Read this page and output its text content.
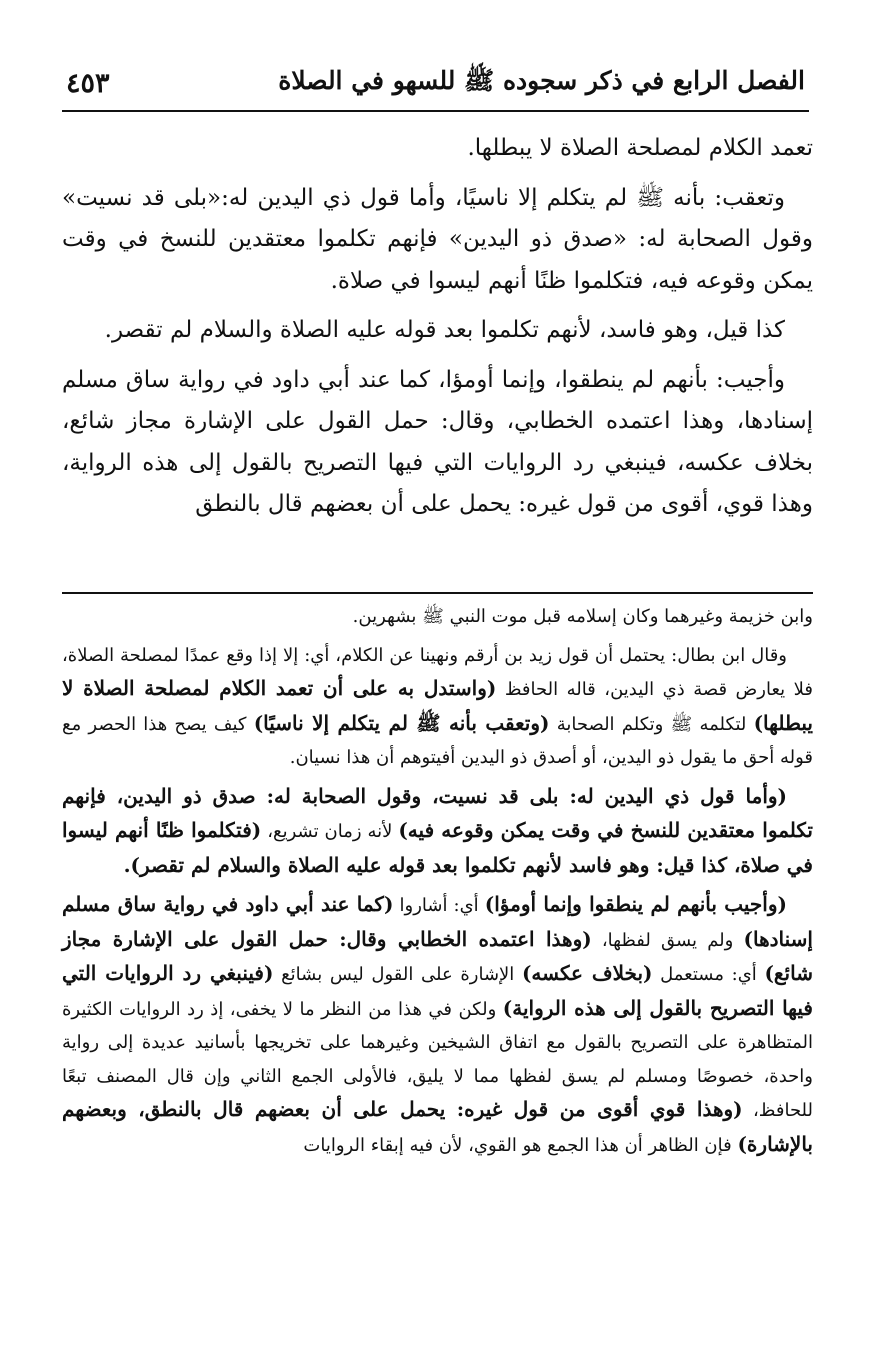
الفصل الرابع في ذكر سجوده ﷺ للسهو في الصلاة
٤٥٣

تعمد الكلام لمصلحة الصلاة لا يبطلها.

وتعقب: بأنه ﷺ لم يتكلم إلا ناسيًا، وأما قول ذي اليدين له:«بلى قد نسيت» وقول الصحابة له: «صدق ذو اليدين» فإنهم تكلموا معتقدين للنسخ في وقت يمكن وقوعه فيه، فتكلموا ظنًا أنهم ليسوا في صلاة.

كذا قيل، وهو فاسد، لأنهم تكلموا بعد قوله عليه الصلاة والسلام لم تقصر.

وأجيب: بأنهم لم ينطقوا، وإنما أومؤا، كما عند أبي داود في رواية ساق مسلم إسنادها، وهذا اعتمده الخطابي، وقال: حمل القول على الإشارة مجاز شائع، بخلاف عكسه، فينبغي رد الروايات التي فيها التصريح بالقول إلى هذه الرواية، وهذا قوي، أقوى من قول غيره: يحمل على أن بعضهم قال بالنطق

وابن خزيمة وغيرهما وكان إسلامه قبل موت النبي ﷺ بشهرين.

وقال ابن بطال: يحتمل أن قول زيد بن أرقم ونهينا عن الكلام، أي: إلا إذا وقع عمدًا لمصلحة الصلاة، فلا يعارض قصة ذي اليدين، قاله الحافظ (واستدل به على أن تعمد الكلام لمصلحة الصلاة لا يبطلها) لتكلمه ﷺ وتكلم الصحابة (وتعقب بأنه ﷺ لم يتكلم إلا ناسيًا) كيف يصح هذا الحصر مع قوله أحق ما يقول ذو اليدين، أو أصدق ذو اليدين أفيتوهم أن هذا نسيان.

(وأما قول ذي اليدين له: بلى قد نسيت، وقول الصحابة له: صدق ذو اليدين، فإنهم تكلموا معتقدين للنسخ في وقت يمكن وقوعه فيه) لأنه زمان تشريع، (فتكلموا ظنًا أنهم ليسوا في صلاة، كذا قيل: وهو فاسد لأنهم تكلموا بعد قوله عليه الصلاة والسلام لم تقصر).

(وأجيب بأنهم لم ينطقوا وإنما أومؤا) أي: أشاروا (كما عند أبي داود في رواية ساق مسلم إسنادها) ولم يسق لفظها، (وهذا اعتمده الخطابي وقال: حمل القول على الإشارة مجاز شائع) أي: مستعمل (بخلاف عكسه) الإشارة على القول ليس بشائع (فينبغي رد الروايات التي فيها التصريح بالقول إلى هذه الرواية) ولكن في هذا من النظر ما لا يخفى، إذ رد الروايات الكثيرة المتظاهرة على التصريح بالقول مع اتفاق الشيخين وغيرهما على تخريجها بأسانيد عديدة إلى رواية واحدة، خصوصًا ومسلم لم يسق لفظها مما لا يليق، فالأولى الجمع الثاني وإن قال المصنف تبعًا للحافظ، (وهذا قوي أقوى من قول غيره: يحمل على أن بعضهم قال بالنطق، وبعضهم بالإشارة) فإن الظاهر أن هذا الجمع هو القوي، لأن فيه إبقاء الروايات
